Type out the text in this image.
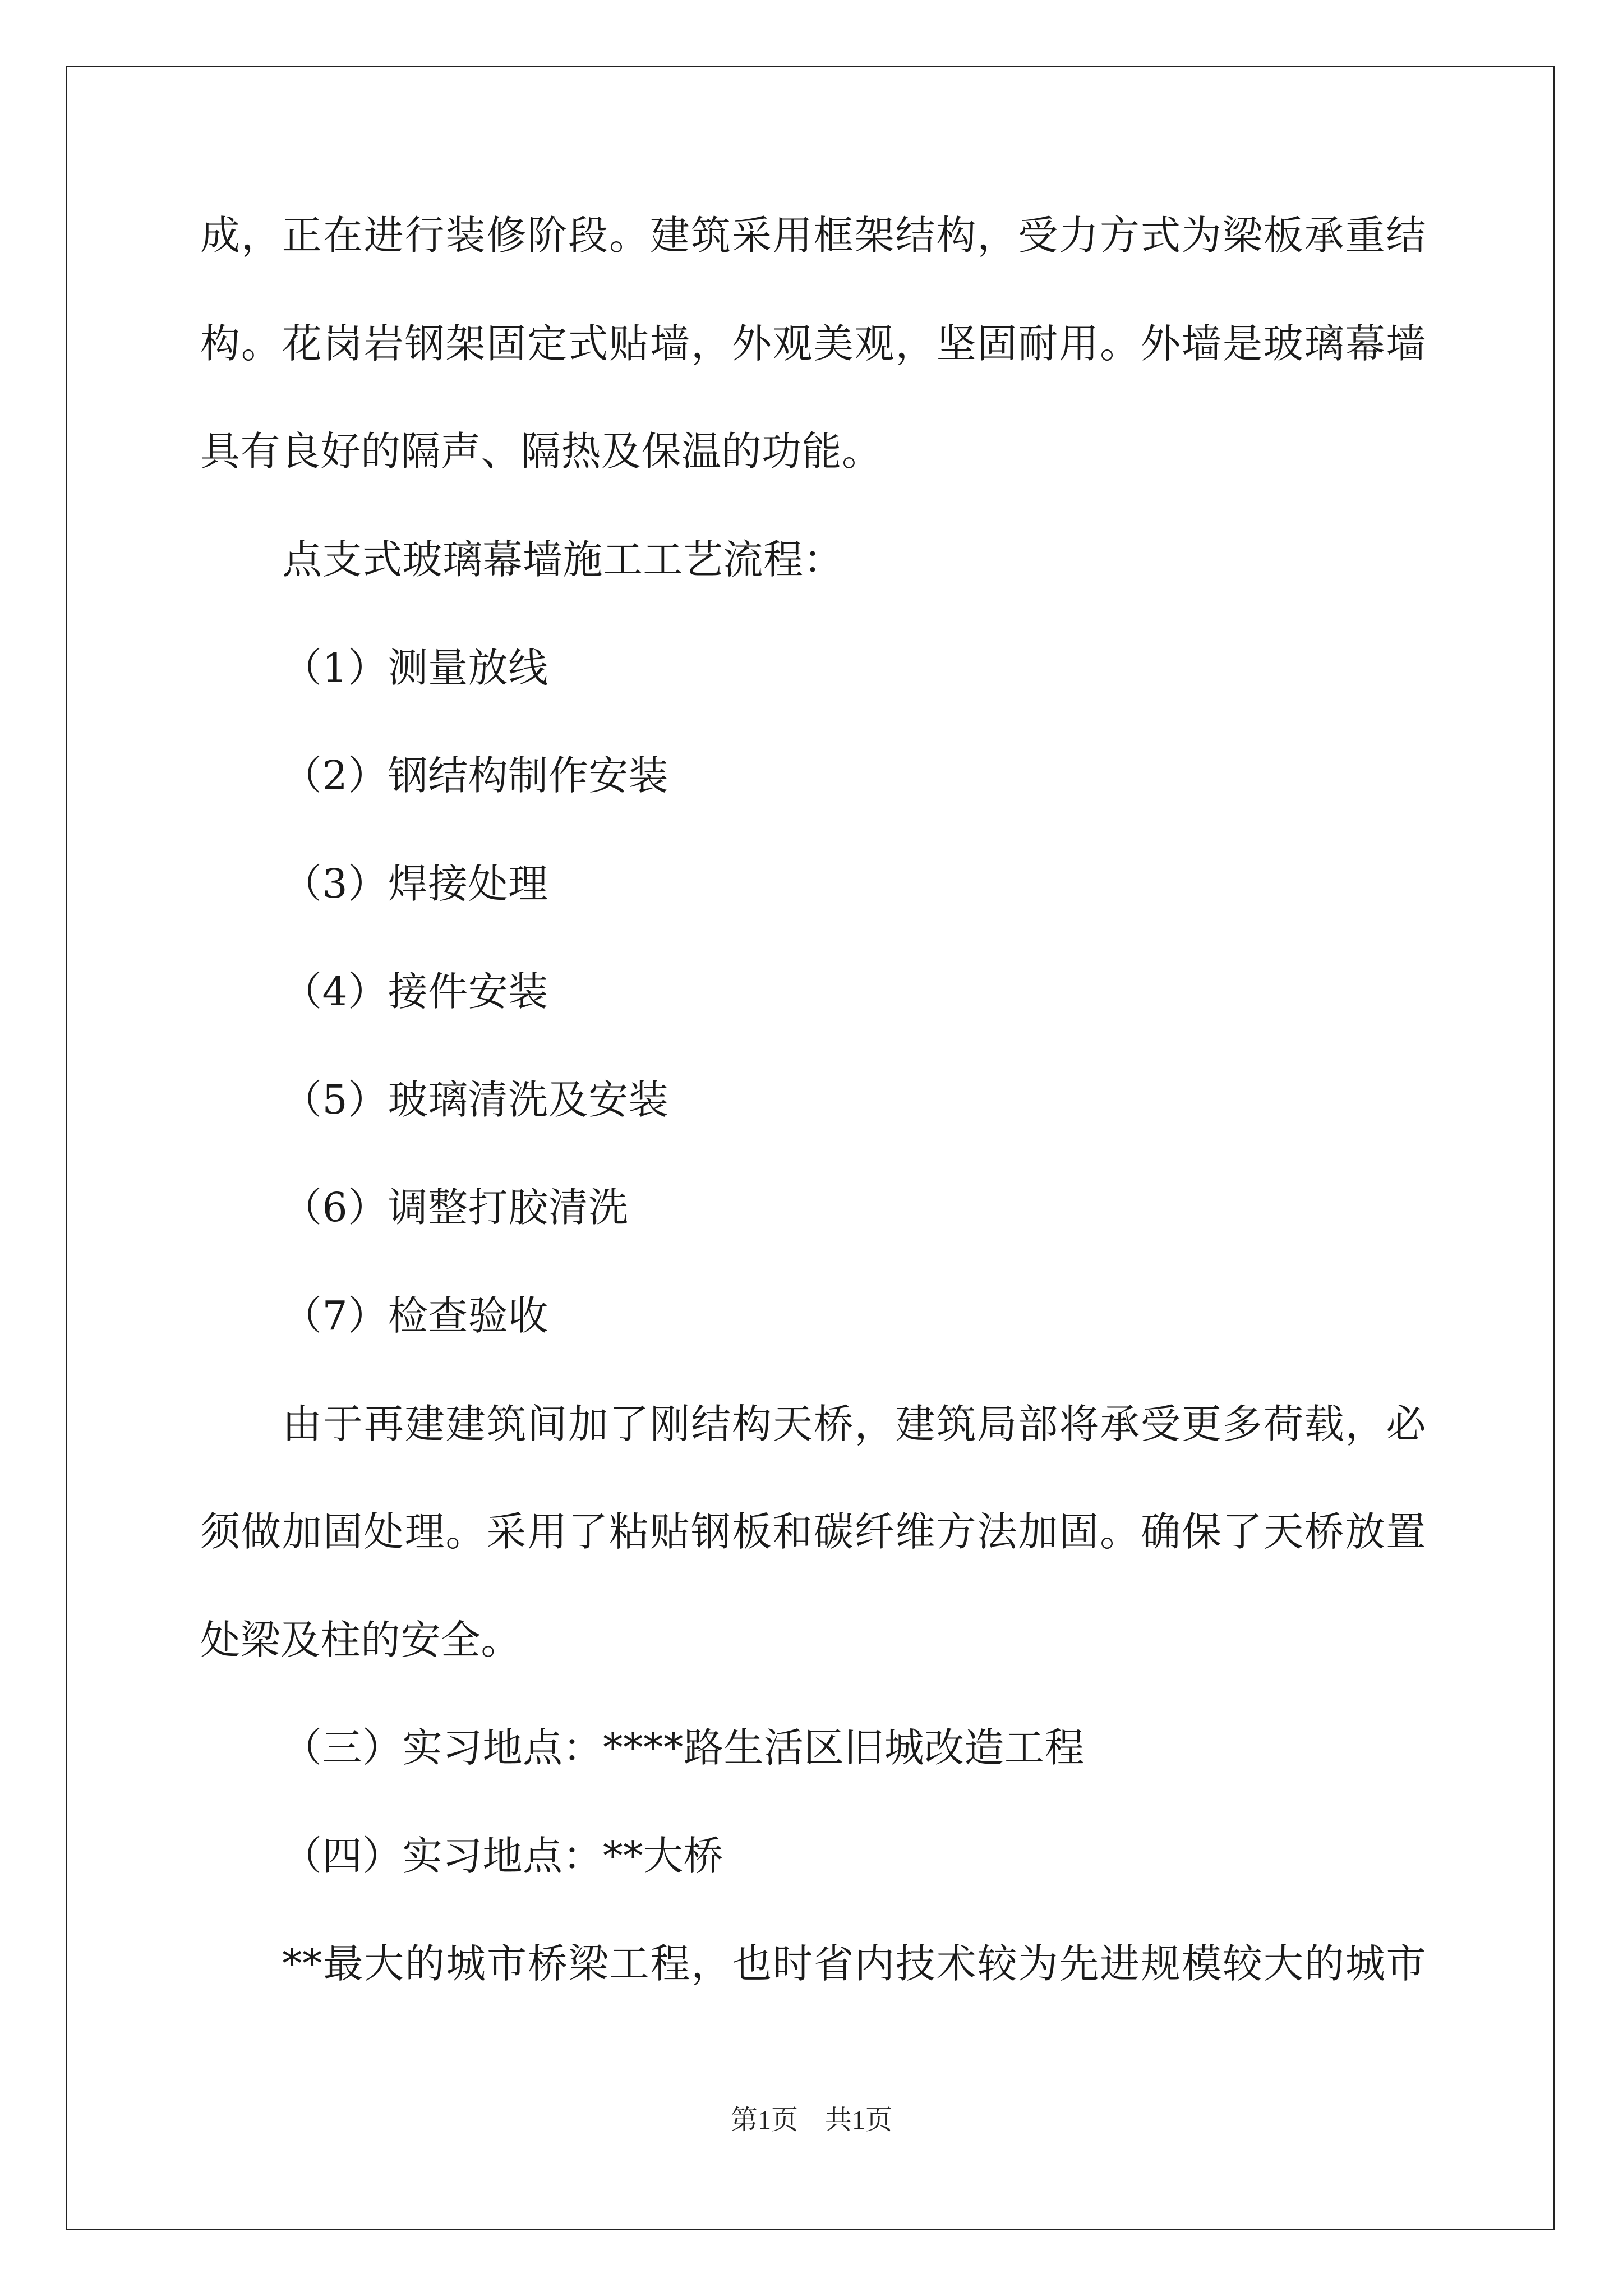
成，正在进行装修阶段。建筑采用框架结构，受力方式为梁板承重结
构。花岗岩钢架固定式贴墙，外观美观，坚固耐用。外墙是玻璃幕墙
具有良好的隔声、隔热及保温的功能。
点支式玻璃幕墙施工工艺流程：
（1）测量放线
（2）钢结构制作安装
（3）焊接处理
（4）接件安装
（5）玻璃清洗及安装
（6）调整打胶清洗
（7）检查验收
由于再建建筑间加了刚结构天桥，建筑局部将承受更多荷载，必
须做加固处理。采用了粘贴钢板和碳纤维方法加固。确保了天桥放置
处梁及柱的安全。
（三）实习地点：****路生活区旧城改造工程
（四）实习地点：**大桥
**最大的城市桥梁工程，也时省内技术较为先进规模较大的城市
第1页 共1页
